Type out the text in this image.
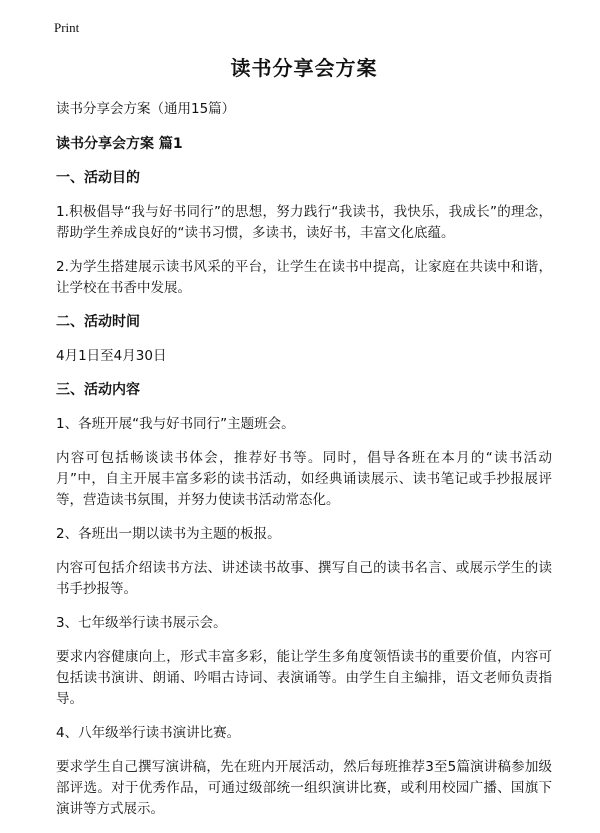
Print
读书分享会方案
读书分享会方案（通用15篇）
读书分享会方案 篇1
一、活动目的
1.积极倡导“我与好书同行”的思想，努力践行“我读书，我快乐，我成长”的理念，帮助学生养成良好的“读书习惯，多读书，读好书，丰富文化底蕴。
2.为学生搭建展示读书风采的平台，让学生在读书中提高，让家庭在共读中和谐，让学校在书香中发展。
二、活动时间
4月1日至4月30日
三、活动内容
1、各班开展“我与好书同行”主题班会。
内容可包括畅谈读书体会，推荐好书等。同时，倡导各班在本月的“读书活动月”中，自主开展丰富多彩的读书活动，如经典诵读展示、读书笔记或手抄报展评等，营造读书氛围，并努力使读书活动常态化。
2、各班出一期以读书为主题的板报。
内容可包括介绍读书方法、讲述读书故事、撰写自己的读书名言、或展示学生的读书手抄报等。
3、七年级举行读书展示会。
要求内容健康向上，形式丰富多彩，能让学生多角度领悟读书的重要价值，内容可包括读书演讲、朗诵、吟唱古诗词、表演诵等。由学生自主编排，语文老师负责指导。
4、八年级举行读书演讲比赛。
要求学生自己撰写演讲稿，先在班内开展活动，然后每班推荐3至5篇演讲稿参加级部评选。对于优秀作品，可通过级部统一组织演讲比赛，或利用校园广播、国旗下演讲等方式展示。
